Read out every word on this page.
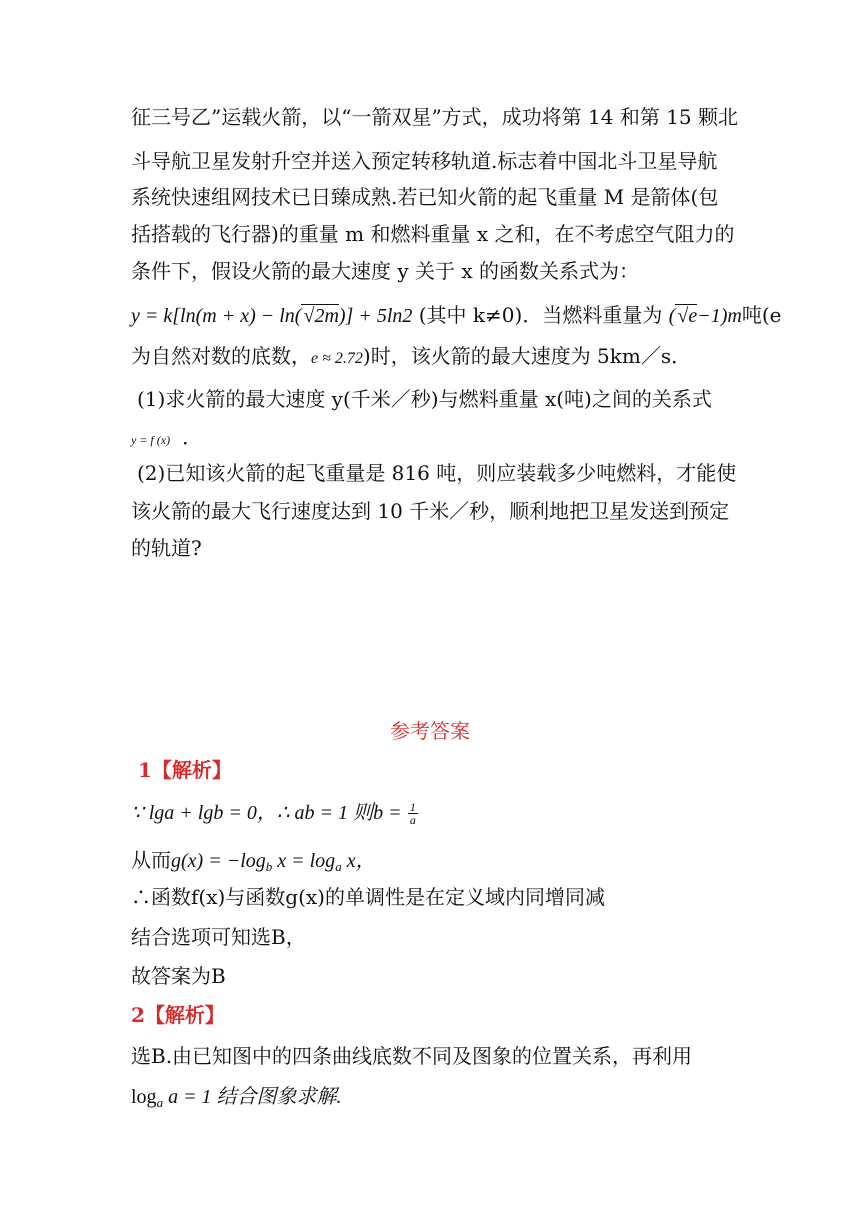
征三号乙”运载火箭，以“一箭双星”方式，成功将第 14 和第 15 颗北
斗导航卫星发射升空并送入预定转移轨道.标志着中国北斗卫星导航
系统快速组网技术已日臻成熟.若已知火箭的起飞重量 M 是箭体(包
括搭载的飞行器)的重量 m 和燃料重量 x 之和，在不考虑空气阻力的
条件下，假设火箭的最大速度 y 关于 x 的函数关系式为：
y = k[ln(m + x) − ln( √2m)] + 5ln2 (其中 k≠0)．当燃料重量为 ( √e−1)m吨(e
为自然对数的底数，e ≈ 2.72)时，该火箭的最大速度为 5km／s．
(1)求火箭的最大速度 y(千米／秒)与燃料重量 x(吨)之间的关系式
y = f (x) ．
(2)已知该火箭的起飞重量是 816 吨，则应装载多少吨燃料，才能使
该火箭的最大飞行速度达到 10 千米／秒，顺利地把卫星发送到预定
的轨道?
参考答案
1【解析】
∵ lga + lgb = 0，∴ ab = 1 则$b = \frac{1}{a}$
从而$g(x) = -\log_b$ $x = \log_a x$，
∴函数f(x)与函数g(x)的单调性是在定义域内同增同减
结合选项可知选B，
故答案为B
2【解析】
选B.由已知图中的四条曲线底数不同及图象的位置关系，再利用
$\log_a a = 1$ 结合图象求解.
